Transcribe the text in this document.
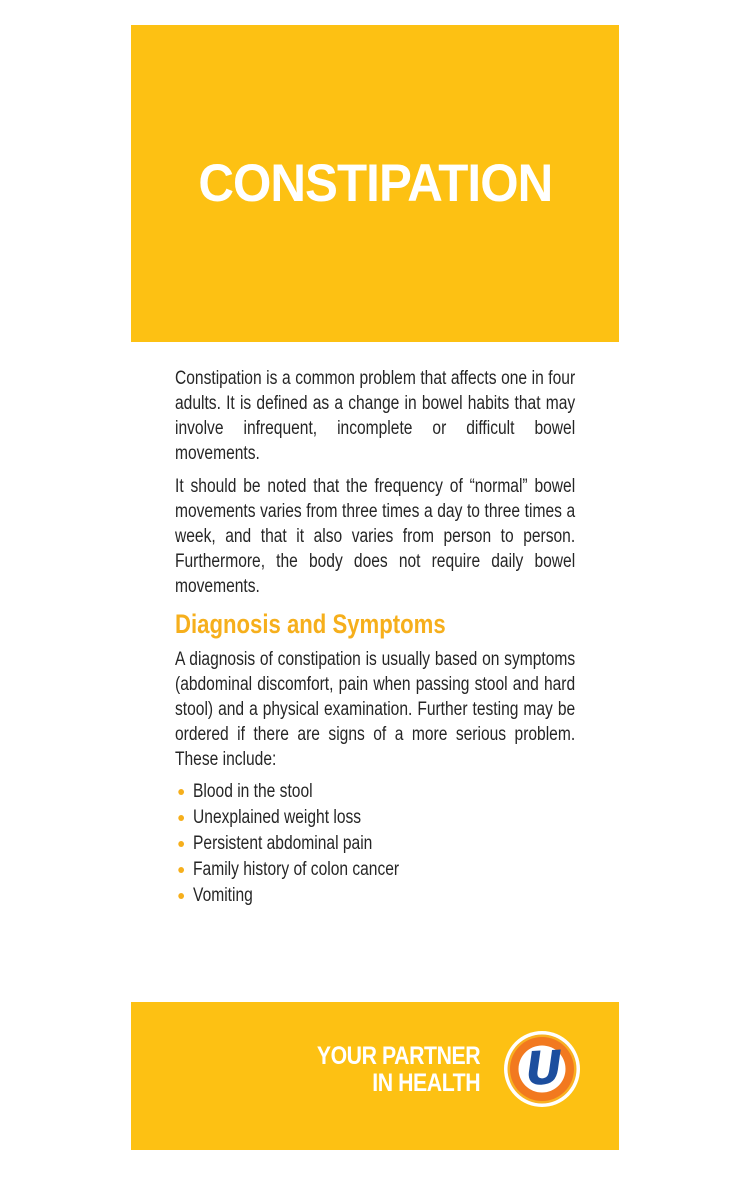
CONSTIPATION

Constipation is a common problem that affects one in four adults. It is defined as a change in bowel habits that may involve infrequent, incomplete or difficult bowel movements.

It should be noted that the frequency of “normal” bowel movements varies from three times a day to three times a week, and that it also varies from person to person. Furthermore, the body does not require daily bowel movements.

Diagnosis and Symptoms

A diagnosis of constipation is usually based on symptoms (abdominal discomfort, pain when passing stool and hard stool) and a physical examination. Further testing may be ordered if there are signs of a more serious problem. These include:

Blood in the stool
Unexplained weight loss
Persistent abdominal pain
Family history of colon cancer
Vomiting
YOUR PARTNER
IN HEALTH U
